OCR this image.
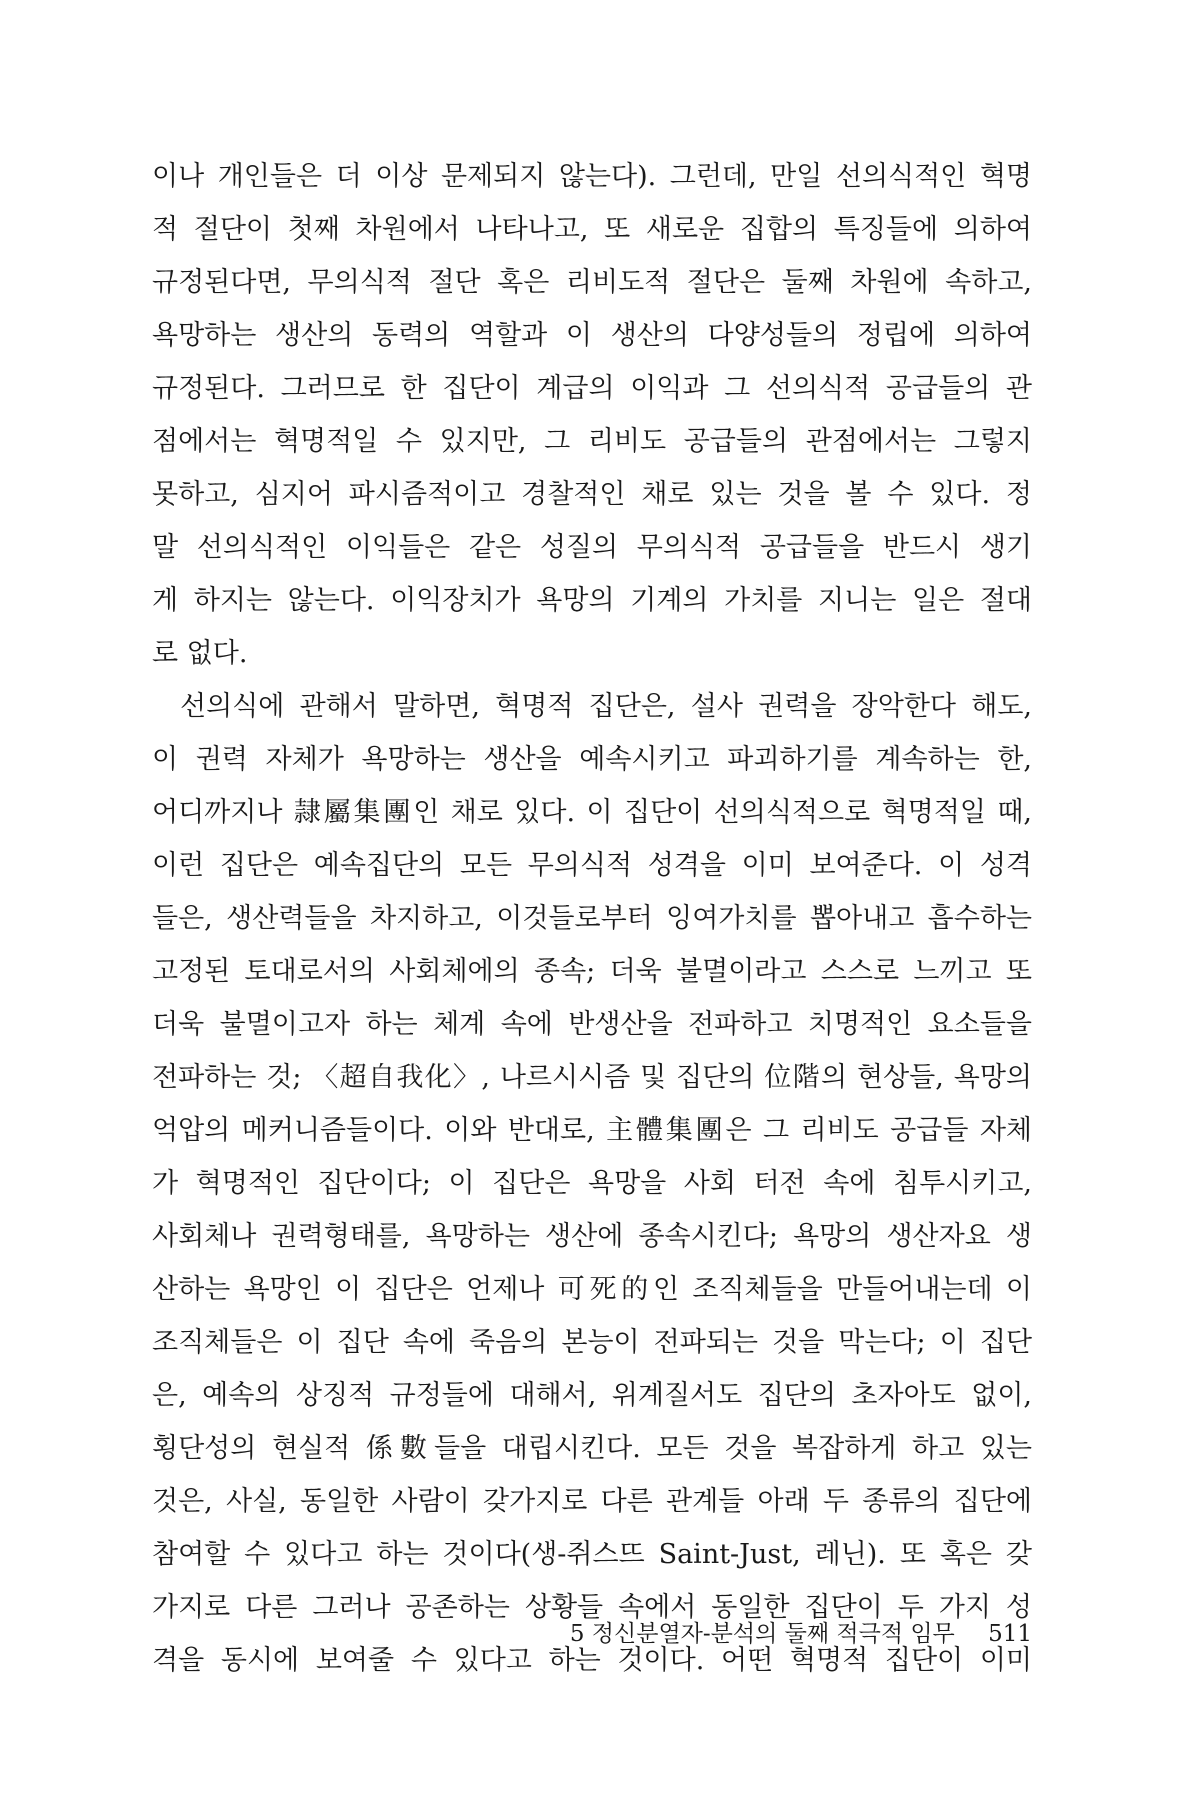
이나 개인들은 더 이상 문제되지 않는다). 그런데, 만일 선의식적인 혁명
적 절단이 첫째 차원에서 나타나고, 또 새로운 집합의 특징들에 의하여
규정된다면, 무의식적 절단 혹은 리비도적 절단은 둘째 차원에 속하고,
욕망하는 생산의 동력의 역할과 이 생산의 다양성들의 정립에 의하여
규정된다. 그러므로 한 집단이 계급의 이익과 그 선의식적 공급들의 관
점에서는 혁명적일 수 있지만, 그 리비도 공급들의 관점에서는 그렇지
못하고, 심지어 파시즘적이고 경찰적인 채로 있는 것을 볼 수 있다. 정
말 선의식적인 이익들은 같은 성질의 무의식적 공급들을 반드시 생기
게 하지는 않는다. 이익장치가 욕망의 기계의 가치를 지니는 일은 절대
로 없다.
선의식에 관해서 말하면, 혁명적 집단은, 설사 권력을 장악한다 해도,
이 권력 자체가 욕망하는 생산을 예속시키고 파괴하기를 계속하는 한,
어디까지나 隷屬集團인 채로 있다. 이 집단이 선의식적으로 혁명적일 때,
이런 집단은 예속집단의 모든 무의식적 성격을 이미 보여준다. 이 성격
들은, 생산력들을 차지하고, 이것들로부터 잉여가치를 뽑아내고 흡수하는
고정된 토대로서의 사회체에의 종속; 더욱 불멸이라고 스스로 느끼고 또
더욱 불멸이고자 하는 체계 속에 반생산을 전파하고 치명적인 요소들을
전파하는 것; 〈超自我化〉, 나르시시즘 및 집단의 位階의 현상들, 욕망의
억압의 메커니즘들이다. 이와 반대로, 主體集團은 그 리비도 공급들 자체
가 혁명적인 집단이다; 이 집단은 욕망을 사회 터전 속에 침투시키고,
사회체나 권력형태를, 욕망하는 생산에 종속시킨다; 욕망의 생산자요 생
산하는 욕망인 이 집단은 언제나 可死的인 조직체들을 만들어내는데 이
조직체들은 이 집단 속에 죽음의 본능이 전파되는 것을 막는다; 이 집단
은, 예속의 상징적 규정들에 대해서, 위계질서도 집단의 초자아도 없이,
횡단성의 현실적 係數들을 대립시킨다. 모든 것을 복잡하게 하고 있는
것은, 사실, 동일한 사람이 갖가지로 다른 관계들 아래 두 종류의 집단에
참여할 수 있다고 하는 것이다(생-쥐스뜨 Saint-Just, 레닌). 또 혹은 갖
가지로 다른 그러나 공존하는 상황들 속에서 동일한 집단이 두 가지 성
격을 동시에 보여줄 수 있다고 하는 것이다. 어떤 혁명적 집단이 이미
5 정신분열자-분석의 둘째 적극적 임무 511
